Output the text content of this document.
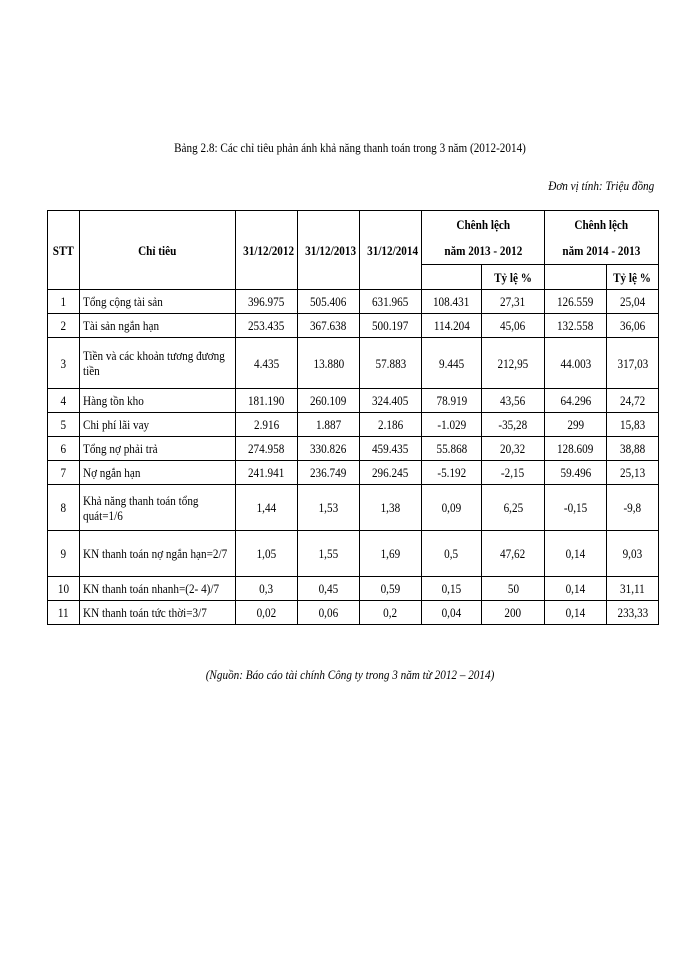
Bảng 2.8: Các chỉ tiêu phản ánh khả năng thanh toán trong 3 năm (2012-2014)
Đơn vị tính: Triệu đồng
STT	Chỉ tiêu	31/12/2012	31/12/2013	31/12/2014	Chênh lệch		Chênh lệch	
					năm 2013 - 2012		năm 2014 - 2013	
						Tỷ lệ %		Tỷ lệ %
1	Tổng cộng tài sản	396.975	505.406	631.965	108.431	27,31	126.559	25,04
2	Tài sản ngắn hạn	253.435	367.638	500.197	114.204	45,06	132.558	36,06
3	Tiền và các khoản tương đương tiền	4.435	13.880	57.883	9.445	212,95	44.003	317,03
4	Hàng tồn kho	181.190	260.109	324.405	78.919	43,56	64.296	24,72
5	Chi phí lãi vay	2.916	1.887	2.186	-1.029	-35,28	299	15,83
6	Tổng nợ phải trả	274.958	330.826	459.435	55.868	20,32	128.609	38,88
7	Nợ ngắn hạn	241.941	236.749	296.245	-5.192	-2,15	59.496	25,13
8	Khả năng thanh toán tổng quát=1/6	1,44	1,53	1,38	0,09	6,25	-0,15	-9,8
9	KN thanh toán nợ ngắn hạn=2/7	1,05	1,55	1,69	0,5	47,62	0,14	9,03
10	KN thanh toán nhanh=(2- 4)/7	0,3	0,45	0,59	0,15	50	0,14	31,11
11	KN thanh toán tức thời=3/7	0,02	0,06	0,2	0,04	200	0,14	233,33
(Nguồn: Báo cáo tài chính Công ty trong 3 năm từ 2012 – 2014)
